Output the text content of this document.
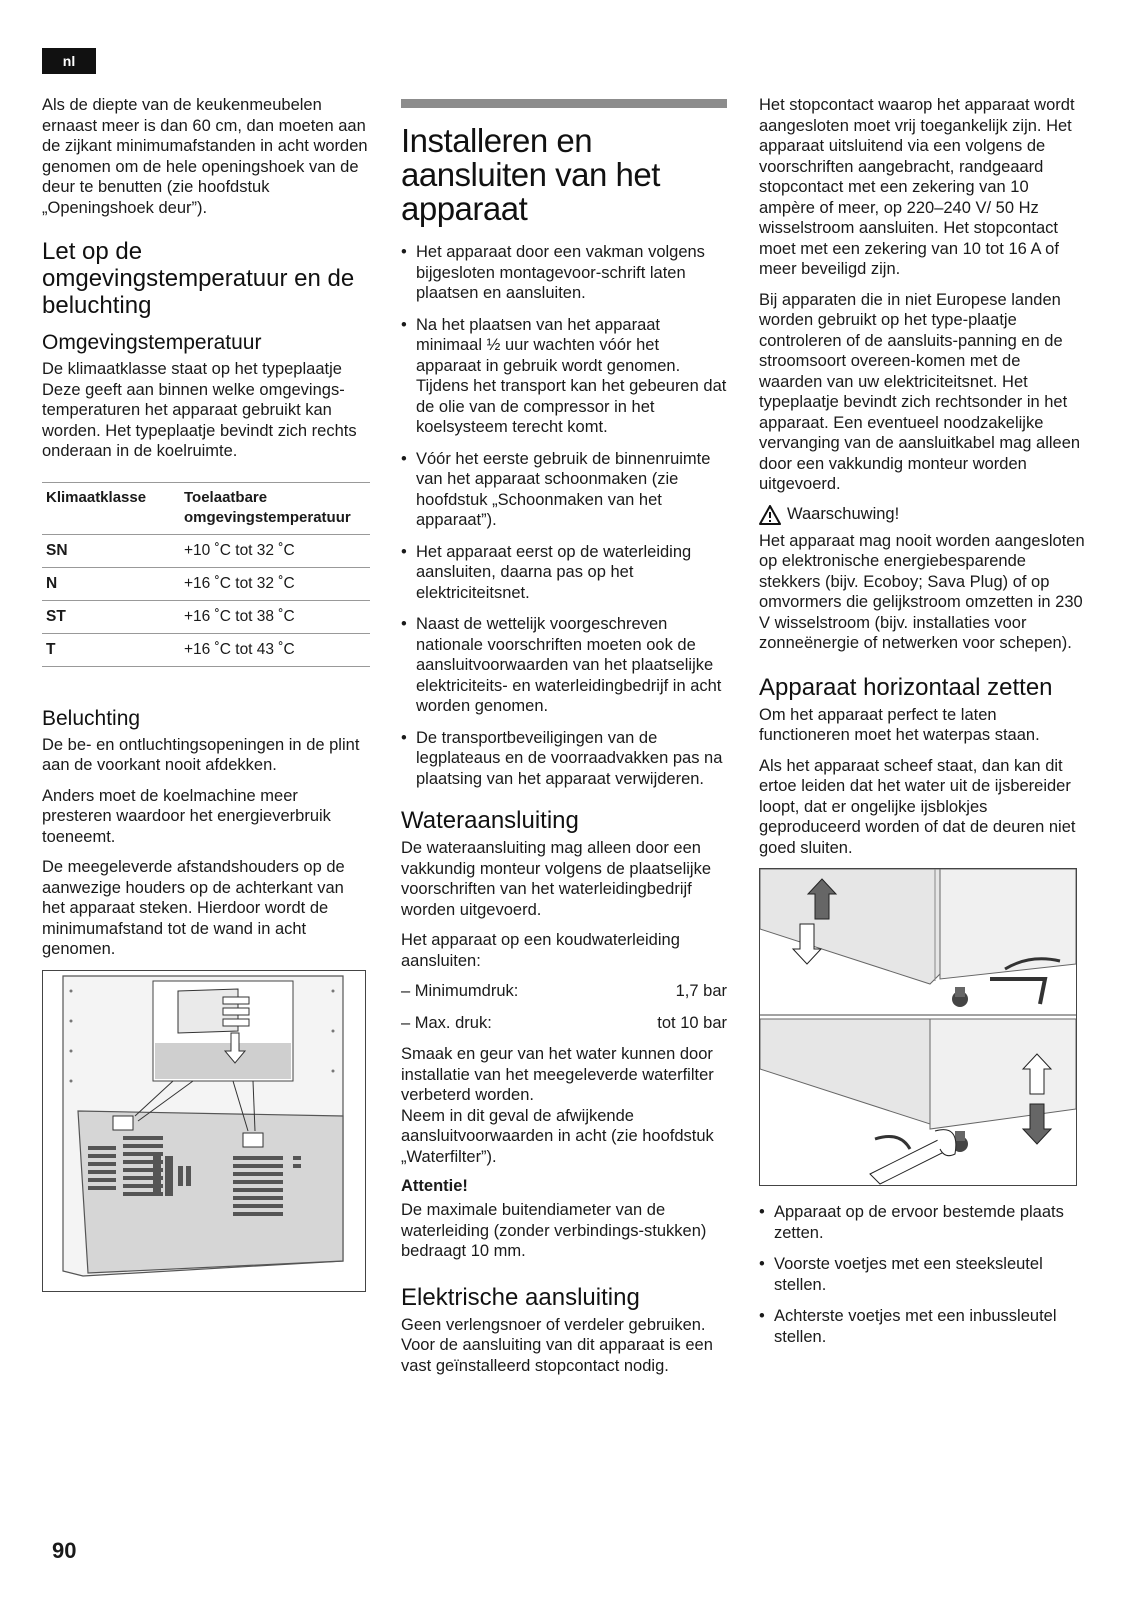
nl

Als de diepte van de keukenmeubelen ernaast meer is dan 60 cm, dan moeten aan de zijkant minimumafstanden in acht worden genomen om de hele openingshoek van de deur te benutten (zie hoofdstuk „Openingshoek deur”).

Let op de omgevingstemperatuur en de beluchting
Omgevingstemperatuur

De klimaatklasse staat op het typeplaatje Deze geeft aan binnen welke omgevings- temperaturen het apparaat gebruikt kan worden. Het typeplaatje bevindt zich rechts onderaan in de koelruimte.

Klimaatklasse	Toelaatbare
omgevingstemperatuur
SN	+10 ˚C tot 32 ˚C
N	+16 ˚C tot 32 ˚C
ST	+16 ˚C tot 38 ˚C
T	+16 ˚C tot 43 ˚C
Beluchting

De be- en ontluchtingsopeningen in de plint aan de voorkant nooit afdekken.

Anders moet de koelmachine meer presteren waardoor het energieverbruik toeneemt.

De meegeleverde afstandshouders op de aanwezige houders op de achterkant van het apparaat steken. Hierdoor wordt de minimumafstand tot de wand in acht genomen.

Installeren en aansluiten van het apparaat
• Het apparaat door een vakman volgens bijgesloten montagevoor-schrift laten plaatsen en aansluiten.
• Na het plaatsen van het apparaat minimaal ½ uur wachten vóór het apparaat in gebruik wordt genomen. Tijdens het transport kan het gebeuren dat de olie van de compressor in het koelsysteem terecht komt.
• Vóór het eerste gebruik de binnenruimte van het apparaat schoonmaken (zie hoofdstuk „Schoonmaken van het apparaat”).
• Het apparaat eerst op de waterleiding aansluiten, daarna pas op het elektriciteitsnet.
• Naast de wettelijk voorgeschreven nationale voorschriften moeten ook de aansluitvoorwaarden van het plaatselijke elektriciteits- en waterleidingbedrijf in acht worden genomen.
• De transportbeveiligingen van de legplateaus en de voorraadvakken pas na plaatsing van het apparaat verwijderen.
Wateraansluiting

De wateraansluiting mag alleen door een vakkundig monteur volgens de plaatselijke voorschriften van het waterleidingbedrijf worden uitgevoerd.

Het apparaat op een koudwaterleiding aansluiten:

– Minimumdruk:	1,7 bar
– Max. druk:	tot 10 bar

Smaak en geur van het water kunnen door installatie van het meegeleverde waterfilter verbeterd worden.

Neem in dit geval de afwijkende aansluitvoorwaarden in acht (zie hoofdstuk „Waterfilter”).

Attentie!

De maximale buitendiameter van de waterleiding (zonder verbindings-stukken) bedraagt 10 mm.

Elektrische aansluiting

Geen verlengsnoer of verdeler gebruiken. Voor de aansluiting van dit apparaat is een vast geïnstalleerd stopcontact nodig.

Het stopcontact waarop het apparaat wordt aangesloten moet vrij toegankelijk zijn. Het apparaat uitsluitend via een volgens de voorschriften aangebracht, randgeaard stopcontact met een zekering van 10 ampère of meer, op 220–240 V/ 50 Hz wisselstroom aansluiten. Het stopcontact moet met een zekering van 10 tot 16 A of meer beveiligd zijn.

Bij apparaten die in niet Europese landen worden gebruikt op het type-plaatje controleren of de aansluits-panning en de stroomsoort overeen-komen met de waarden van uw elektriciteitsnet. Het typeplaatje bevindt zich rechtsonder in het apparaat. Een eventueel noodzakelijke vervanging van de aansluitkabel mag alleen door een vakkundig monteur worden uitgevoerd.

Waarschuwing!

Het apparaat mag nooit worden aangesloten op elektronische energiebesparende stekkers (bijv. Ecoboy; Sava Plug) of op omvormers die gelijkstroom omzetten in 230 V wisselstroom (bijv. installaties voor zonneënergie of netwerken voor schepen).

Apparaat horizontaal zetten

Om het apparaat perfect te laten functioneren moet het waterpas staan.

Als het apparaat scheef staat, dan kan dit ertoe leiden dat het water uit de ijsbereider loopt, dat er ongelijke ijsblokjes geproduceerd worden of dat de deuren niet goed sluiten.

• Apparaat op de ervoor bestemde plaats zetten.
• Voorste voetjes met een steeksleutel stellen.
• Achterste voetjes met een inbussleutel stellen.
90
